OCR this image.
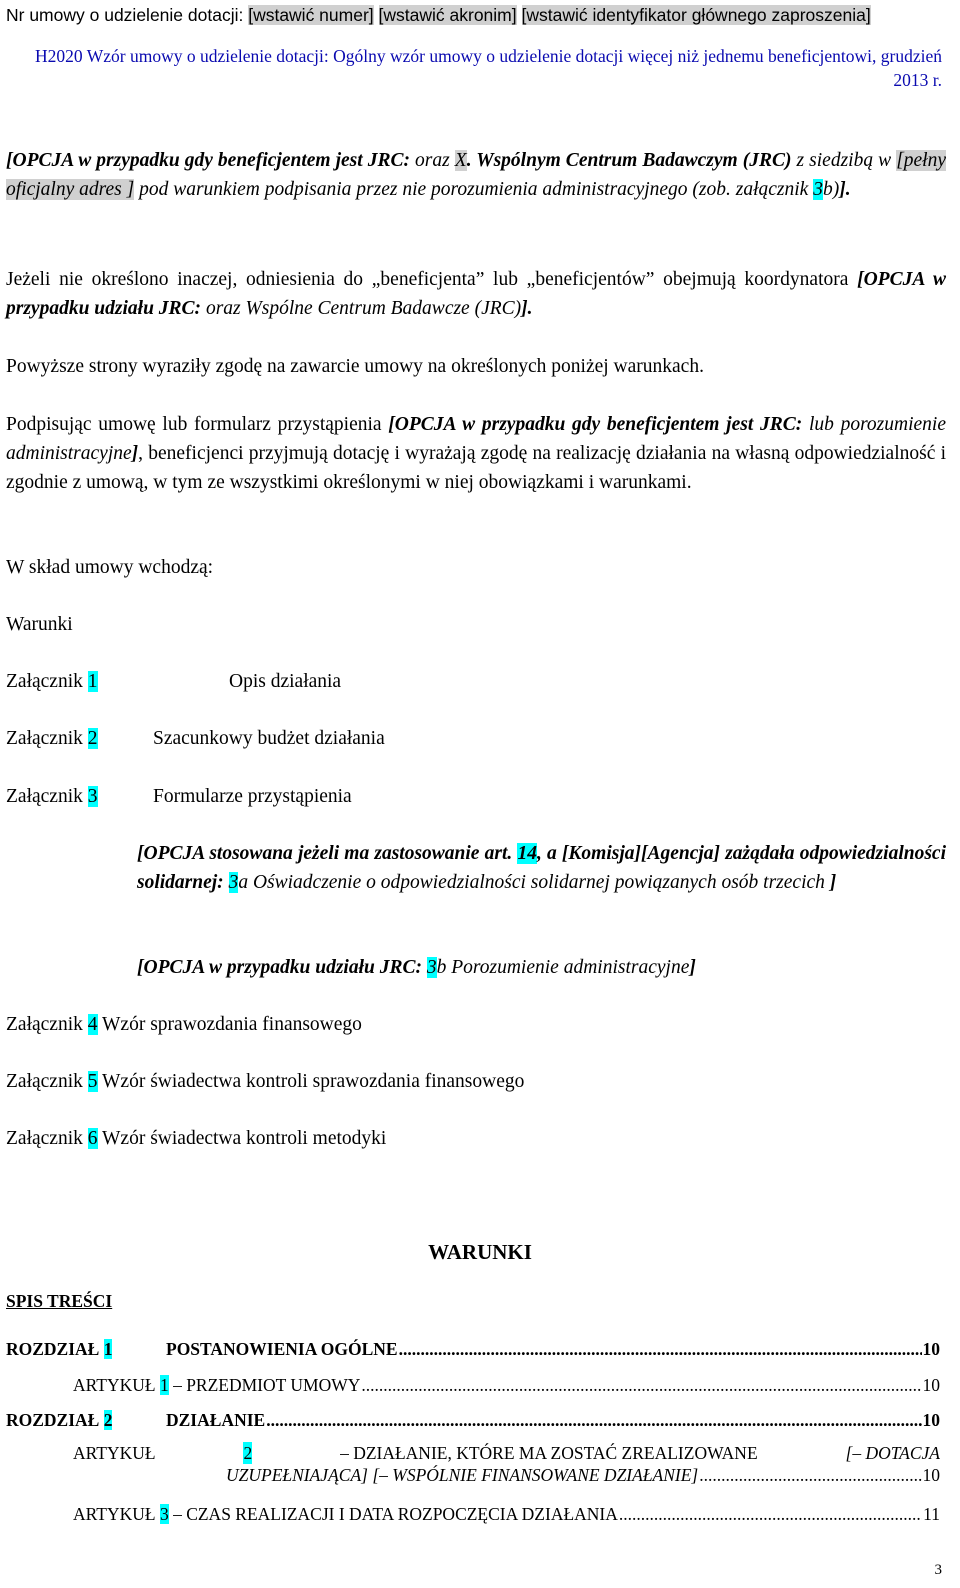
Nr umowy o udzielenie dotacji: [wstawić numer] [wstawić akronim] [wstawić identyfikator głównego zaproszenia]
H2020 Wzór umowy o udzielenie dotacji: Ogólny wzór umowy o udzielenie dotacji więcej niż jednemu beneficjentowi, grudzień 2013 r.

[OPCJA w przypadku gdy beneficjentem jest JRC: oraz X. Wspólnym Centrum Badawczym (JRC) z siedzibą w [pełny oficjalny adres ] pod warunkiem podpisania przez nie porozumienia administracyjnego (zob. załącznik 3b)].

Jeżeli nie określono inaczej, odniesienia do „beneficjenta” lub „beneficjentów” obejmują koordynatora [OPCJA w przypadku udziału JRC: oraz Wspólne Centrum Badawcze (JRC)].

Powyższe strony wyraziły zgodę na zawarcie umowy na określonych poniżej warunkach.

Podpisując umowę lub formularz przystąpienia [OPCJA w przypadku gdy beneficjentem jest JRC: lub porozumienie administracyjne], beneficjenci przyjmują dotację i wyrażają zgodę na realizację działania na własną odpowiedzialność i zgodnie z umową, w tym ze wszystkimi określonymi w niej obowiązkami i warunkami.

W skład umowy wchodzą:

Warunki

Załącznik 1	Opis działania
Załącznik 2	Szacunkowy budżet działania
Załącznik 3	Formularze przystąpienia

[OPCJA stosowana jeżeli ma zastosowanie art. 14, a [Komisja][Agencja] zażądała odpowiedzialności solidarnej: 3a Oświadczenie o odpowiedzialności solidarnej powiązanych osób trzecich ]

[OPCJA w przypadku udziału JRC: 3b Porozumienie administracyjne]

Załącznik 4 Wzór sprawozdania finansowego
Załącznik 5 Wzór świadectwa kontroli sprawozdania finansowego
Załącznik 6 Wzór świadectwa kontroli metodyki
WARUNKI
SPIS TREŚCI
ROZDZIAŁ 1	POSTANOWIENIA OGÓLNE .....	10
ARTYKUŁ 1 – PRZEDMIOT UMOWY .....	10
ROZDZIAŁ 2	DZIAŁANIE .....	10
ARTYKUŁ	2	– DZIAŁANIE, KTÓRE MA ZOSTAĆ ZREALIZOWANE	[– DOTACJA
UZUPEŁNIAJĄCA] [– WSPÓLNIE FINANSOWANE DZIAŁANIE] .....	10
ARTYKUŁ 3 – CZAS REALIZACJI I DATA ROZPOCZĘCIA DZIAŁANIA .....	11
3
